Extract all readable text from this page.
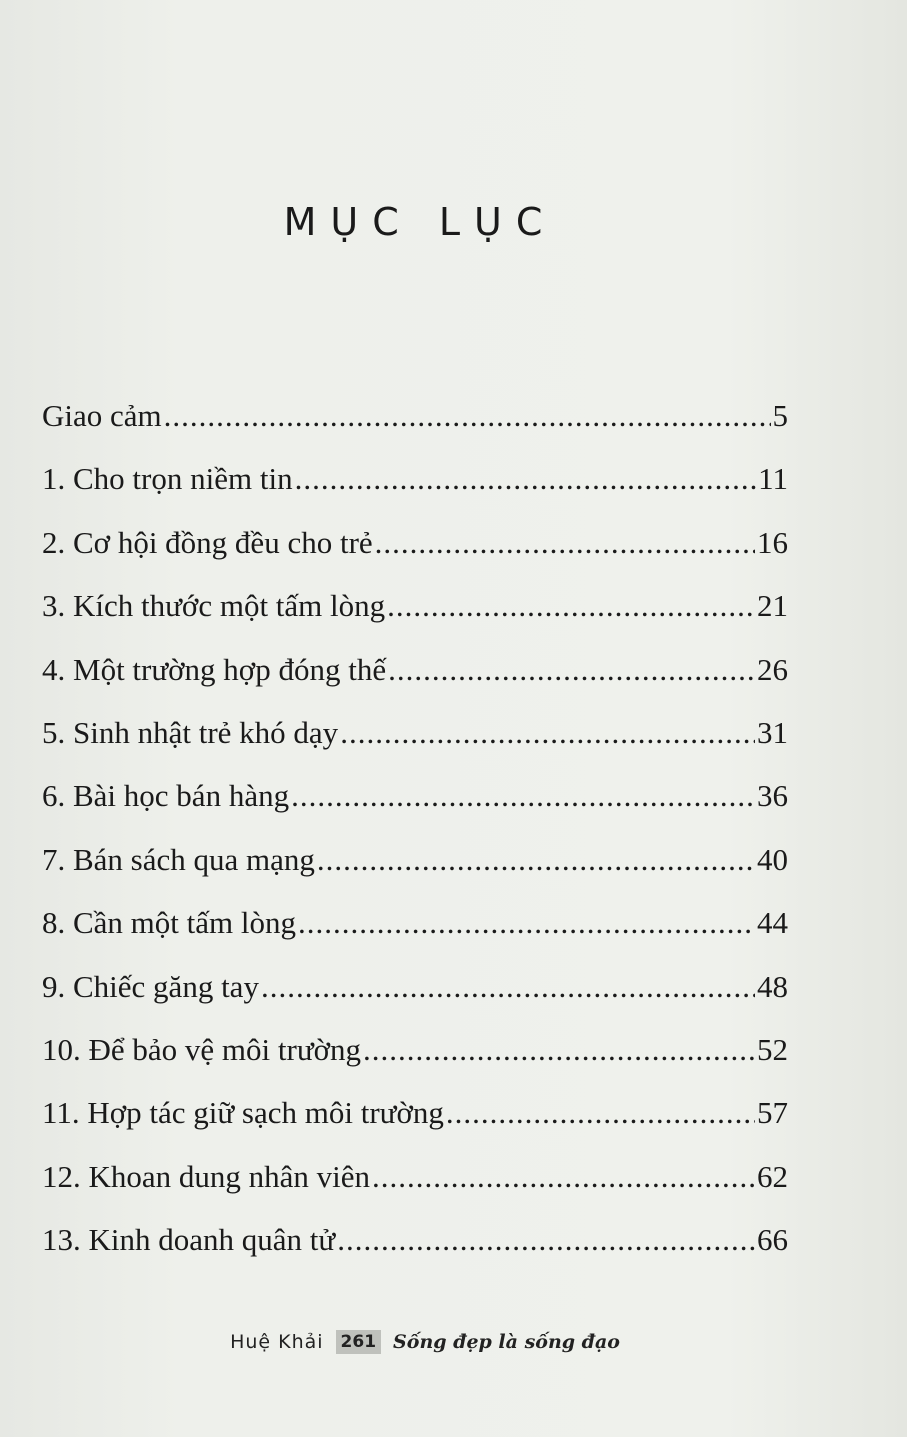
MỤC LỤC
Giao cảm .....	5
1. Cho trọn niềm tin .....	11
2. Cơ hội đồng đều cho trẻ .....	16
3. Kích thước một tấm lòng .....	21
4. Một trường hợp đóng thế .....	26
5. Sinh nhật trẻ khó dạy .....	31
6. Bài học bán hàng .....	36
7. Bán sách qua mạng .....	40
8. Cần một tấm lòng .....	44
9. Chiếc găng tay .....	48
10. Để bảo vệ môi trường .....	52
11. Hợp tác giữ sạch môi trường .....	57
12. Khoan dung nhân viên .....	62
13. Kinh doanh quân tử .....	66
Huệ Khải 261 Sống đẹp là sống đạo
